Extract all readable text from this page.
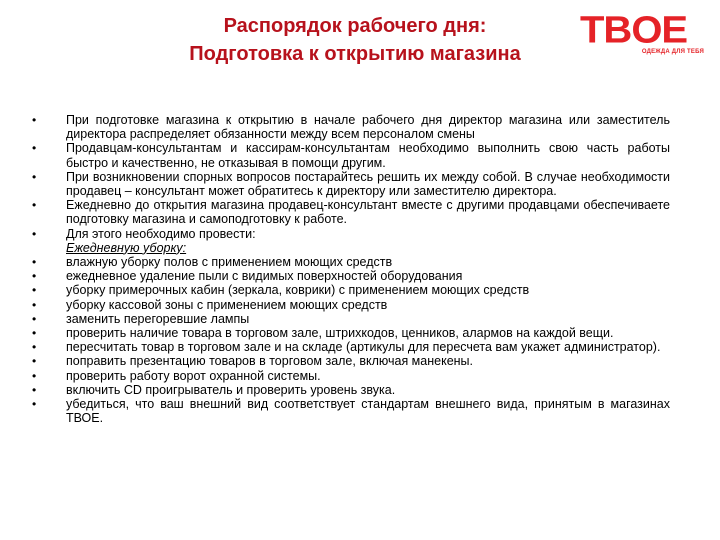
Распорядок рабочего дня:
Подготовка к открытию магазина
TBOE
ОДЕЖДА ДЛЯ ТЕБЯ
• При подготовке магазина к открытию в начале рабочего дня директор магазина или заместитель директора распределяет обязанности между всем персоналом смены
• Продавцам-консультантам и кассирам-консультантам необходимо выполнить свою часть работы быстро и качественно, не отказывая в помощи другим.
• При возникновении спорных вопросов постарайтесь решить их между собой. В случае необходимости продавец – консультант может обратитесь к директору или заместителю директора.
• Ежедневно до открытия магазина продавец-консультант вместе с другими продавцами обеспечиваете подготовку магазина и самоподготовку к работе.
• Для этого необходимо провести:
Ежедневную уборку:
• влажную уборку полов с применением моющих средств
• ежедневное удаление пыли с видимых поверхностей оборудования
• уборку примерочных кабин (зеркала, коврики) с применением моющих средств
• уборку кассовой зоны с применением моющих средств
• заменить перегоревшие лампы
• проверить наличие товара в торговом зале, штрихкодов, ценников, алармов на каждой вещи.
• пересчитать товар в торговом зале и на складе (артикулы для пересчета вам укажет администратор).
• поправить презентацию товаров в торговом зале, включая манекены.
• проверить работу ворот охранной системы.
• включить CD проигрыватель и проверить уровень звука.
• убедиться, что ваш внешний вид соответствует стандартам внешнего вида, принятым в магазинах ТВОЕ.
